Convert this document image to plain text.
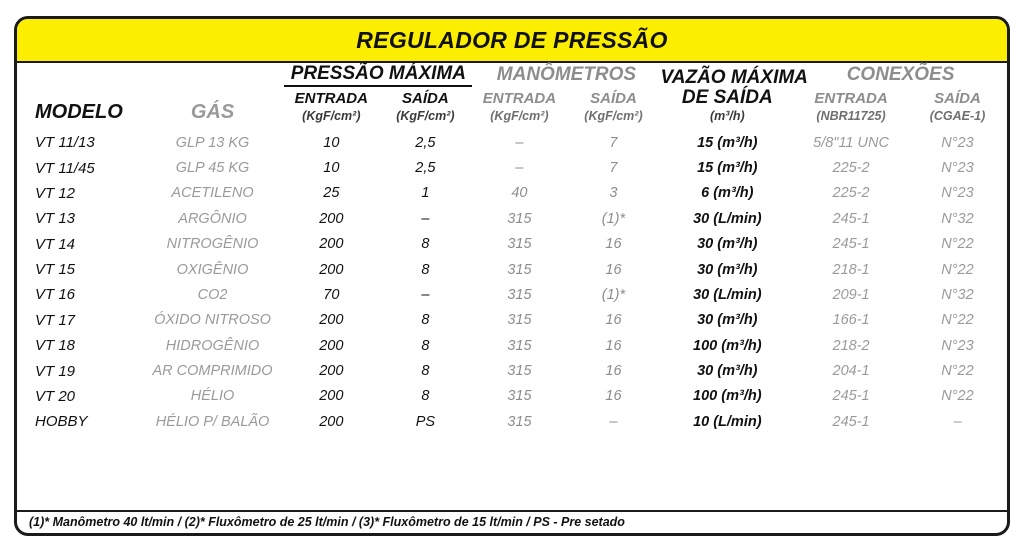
REGULADOR DE PRESSÃO
MODELO	GÁS	PRESSÃO MÁXIMA		MANÔMETROS		VAZÃO MÁXIMA
DE SAÍDA	CONEXÕES	
		ENTRADA	SAÍDA	ENTRADA	SAÍDA		ENTRADA	SAÍDA
		(KgF/cm²)	(KgF/cm²)	(KgF/cm²)	(KgF/cm²)	(m³/h)	(NBR11725)	(CGAE-1)

VT 11/13	GLP 13 KG	10	2,5	–	7	15 (m³/h)	5/8"11 UNC	N°23
VT 11/45	GLP 45 KG	10	2,5	–	7	15 (m³/h)	225-2	N°23
VT 12	ACETILENO	25	1	40	3	6 (m³/h)	225-2	N°23
VT 13	ARGÔNIO	200	–	315	(1)*	30 (L/min)	245-1	N°32
VT 14	NITROGÊNIO	200	8	315	16	30 (m³/h)	245-1	N°22
VT 15	OXIGÊNIO	200	8	315	16	30 (m³/h)	218-1	N°22
VT 16	CO2	70	–	315	(1)*	30 (L/min)	209-1	N°32
VT 17	ÓXIDO NITROSO	200	8	315	16	30 (m³/h)	166-1	N°22
VT 18	HIDROGÊNIO	200	8	315	16	100 (m³/h)	218-2	N°23
VT 19	AR COMPRIMIDO	200	8	315	16	30 (m³/h)	204-1	N°22
VT 20	HÉLIO	200	8	315	16	100 (m³/h)	245-1	N°22
HOBBY	HÉLIO P/ BALÃO	200	PS	315	–	10 (L/min)	245-1	–
(1)* Manômetro 40 lt/min / (2)* Fluxômetro de 25 lt/min / (3)* Fluxômetro de 15 lt/min / PS - Pre setado
